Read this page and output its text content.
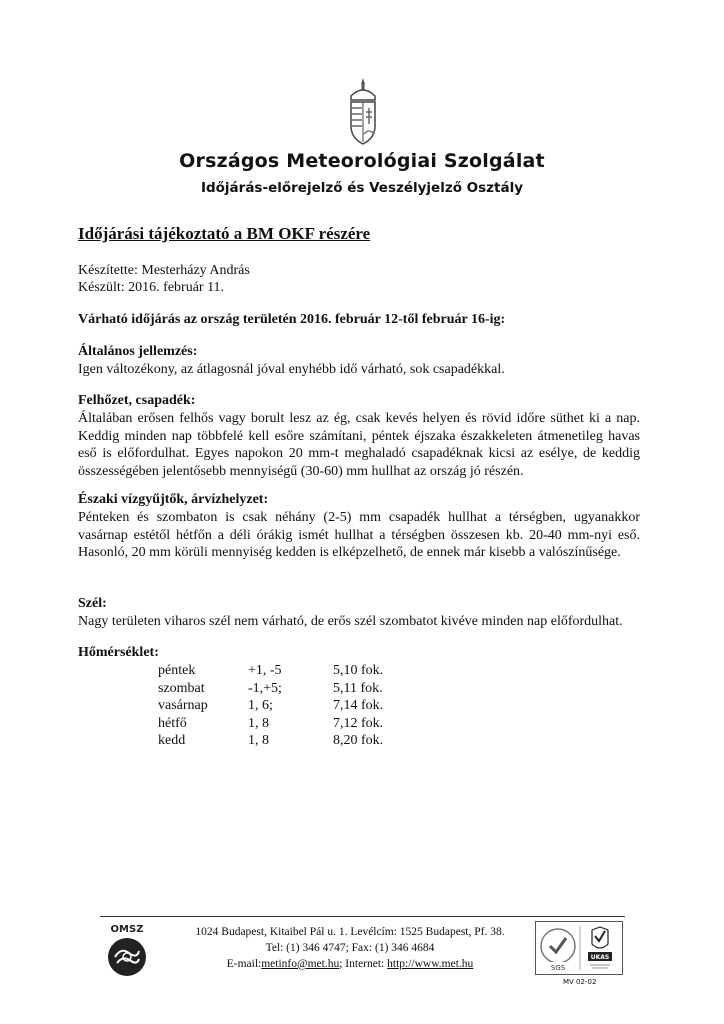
Országos Meteorológiai Szolgálat
Időjárás-előrejelző és Veszélyjelző Osztály
Időjárási tájékoztató a BM OKF részére
Készítette: Mesterházy András
Készült: 2016. február 11.
Várható időjárás az ország területén 2016. február 12-től február 16-ig:
Általános jellemzés:
Igen változékony, az átlagosnál jóval enyhébb idő várható, sok csapadékkal.
Felhőzet, csapadék:
Általában erősen felhős vagy borult lesz az ég, csak kevés helyen és rövid időre süthet ki a nap. Keddig minden nap többfelé kell esőre számítani, péntek éjszaka északkeleten átmenetileg havas eső is előfordulhat. Egyes napokon 20 mm-t meghaladó csapadéknak kicsi az esélye, de keddig összességében jelentősebb mennyiségű (30-60) mm hullhat az ország jó részén.
Északi vízgyűjtők, árvízhelyzet:
Pénteken és szombaton is csak néhány (2-5) mm csapadék hullhat a térségben, ugyanakkor vasárnap estétől hétfőn a déli órákig ismét hullhat a térségben összesen kb. 20-40 mm-nyi eső. Hasonló, 20 mm körüli mennyiség kedden is elképzelhető, de ennek már kisebb a valószínűsége.
Szél:
Nagy területen viharos szél nem várható, de erős szél szombatot kivéve minden nap előfordulhat.
Hőmérséklet:
péntek	+1, -5	5,10 fok.
szombat	-1,+5;	5,11 fok.
vasárnap	1, 6;	7,14 fok.
hétfő	1, 8	7,12 fok.
kedd	1, 8	8,20 fok.
OMSZ	1024 Budapest, Kitaibel Pál u. 1. Levélcím: 1525 Budapest, Pf. 38.
Tel: (1) 346 4747; Fax: (1) 346 4684
E-mail:metinfo@met.hu; Internet: http://www.met.hu	SGS
UKAS
MV 02-02
